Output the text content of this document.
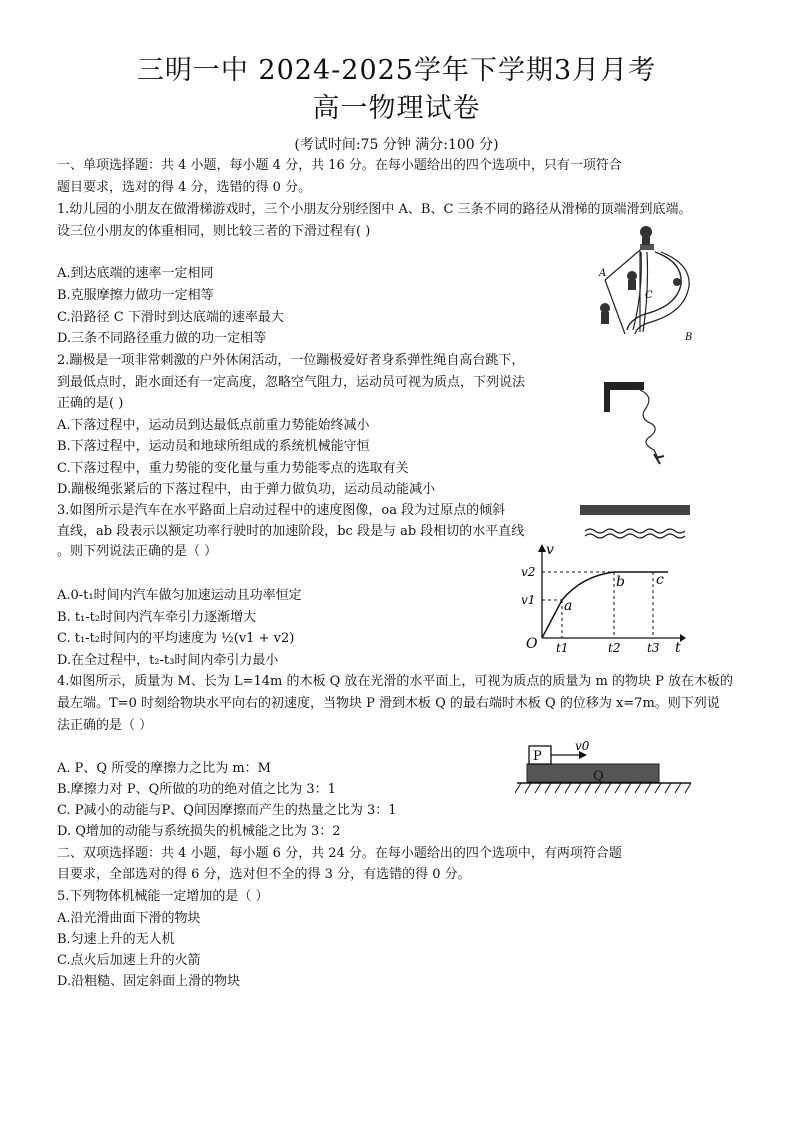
三明一中 2024-2025学年下学期3月月考
高一物理试卷
(考试时间:75 分钟 满分:100 分)
一、单项选择题：共 4 小题，每小题 4 分，共 16 分。在每小题给出的四个选项中，只有一项符合
题目要求，选对的得 4 分，选错的得 0 分。
1.幼儿园的小朋友在做滑梯游戏时，三个小朋友分别经图中 A、B、C 三条不同的路径从滑梯的顶端滑到底端。
设三位小朋友的体重相同，则比较三者的下滑过程有( )
A.到达底端的速率一定相同
B.克服摩擦力做功一定相等
C.沿路径 C 下滑时到达底端的速率最大
D.三条不同路径重力做的功一定相等
A
C
B
2.蹦极是一项非常刺激的户外休闲活动，一位蹦极爱好者身系弹性绳自高台跳下，
到最低点时，距水面还有一定高度，忽略空气阻力，运动员可视为质点，下列说法
正确的是( )
A.下落过程中，运动员到达最低点前重力势能始终减小
B.下落过程中，运动员和地球所组成的系统机械能守恒
C.下落过程中，重力势能的变化量与重力势能零点的选取有关
D.蹦极绳张紧后的下落过程中，由于弹力做负功，运动员动能减小
3.如图所示是汽车在水平路面上启动过程中的速度图像，oa 段为过原点的倾斜
直线，ab 段表示以额定功率行驶时的加速阶段，bc 段是与 ab 段相切的水平直线
。则下列说法正确的是（ ）
A.0-t₁时间内汽车做匀加速运动且功率恒定
B. t₁-t₂时间内汽车牵引力逐渐增大
C. t₁-t₂时间内的平均速度为 ½(v1 + v2)
D.在全过程中，t₂-t₃时间内牵引力最小
v
t
O
v1
v2
t1	t2 t3
a
b c
4.如图所示，质量为 M、长为 L=14m 的木板 Q 放在光滑的水平面上，可视为质点的质量为 m 的物块 P 放在木板的
最左端。T=0 时刻给物块水平向右的初速度，当物块 P 滑到木板 Q 的最右端时木板 Q 的位移为 x=7m。则下列说
法正确的是（ ）
A. P、Q 所受的摩擦力之比为 m：M
B.摩擦力对 P、Q所做的功的绝对值之比为 3：1
C. P减小的动能与P、Q间因摩擦而产生的热量之比为 3：1
D. Q增加的动能与系统损失的机械能之比为 3：2
P
Q
v0
二、双项选择题：共 4 小题，每小题 6 分，共 24 分。在每小题给出的四个选项中，有两项符合题
目要求，全部选对的得 6 分，选对但不全的得 3 分，有选错的得 0 分。
5.下列物体机械能一定增加的是（ ）
A.沿光滑曲面下滑的物块
B.匀速上升的无人机
C.点火后加速上升的火箭
D.沿粗糙、固定斜面上滑的物块
